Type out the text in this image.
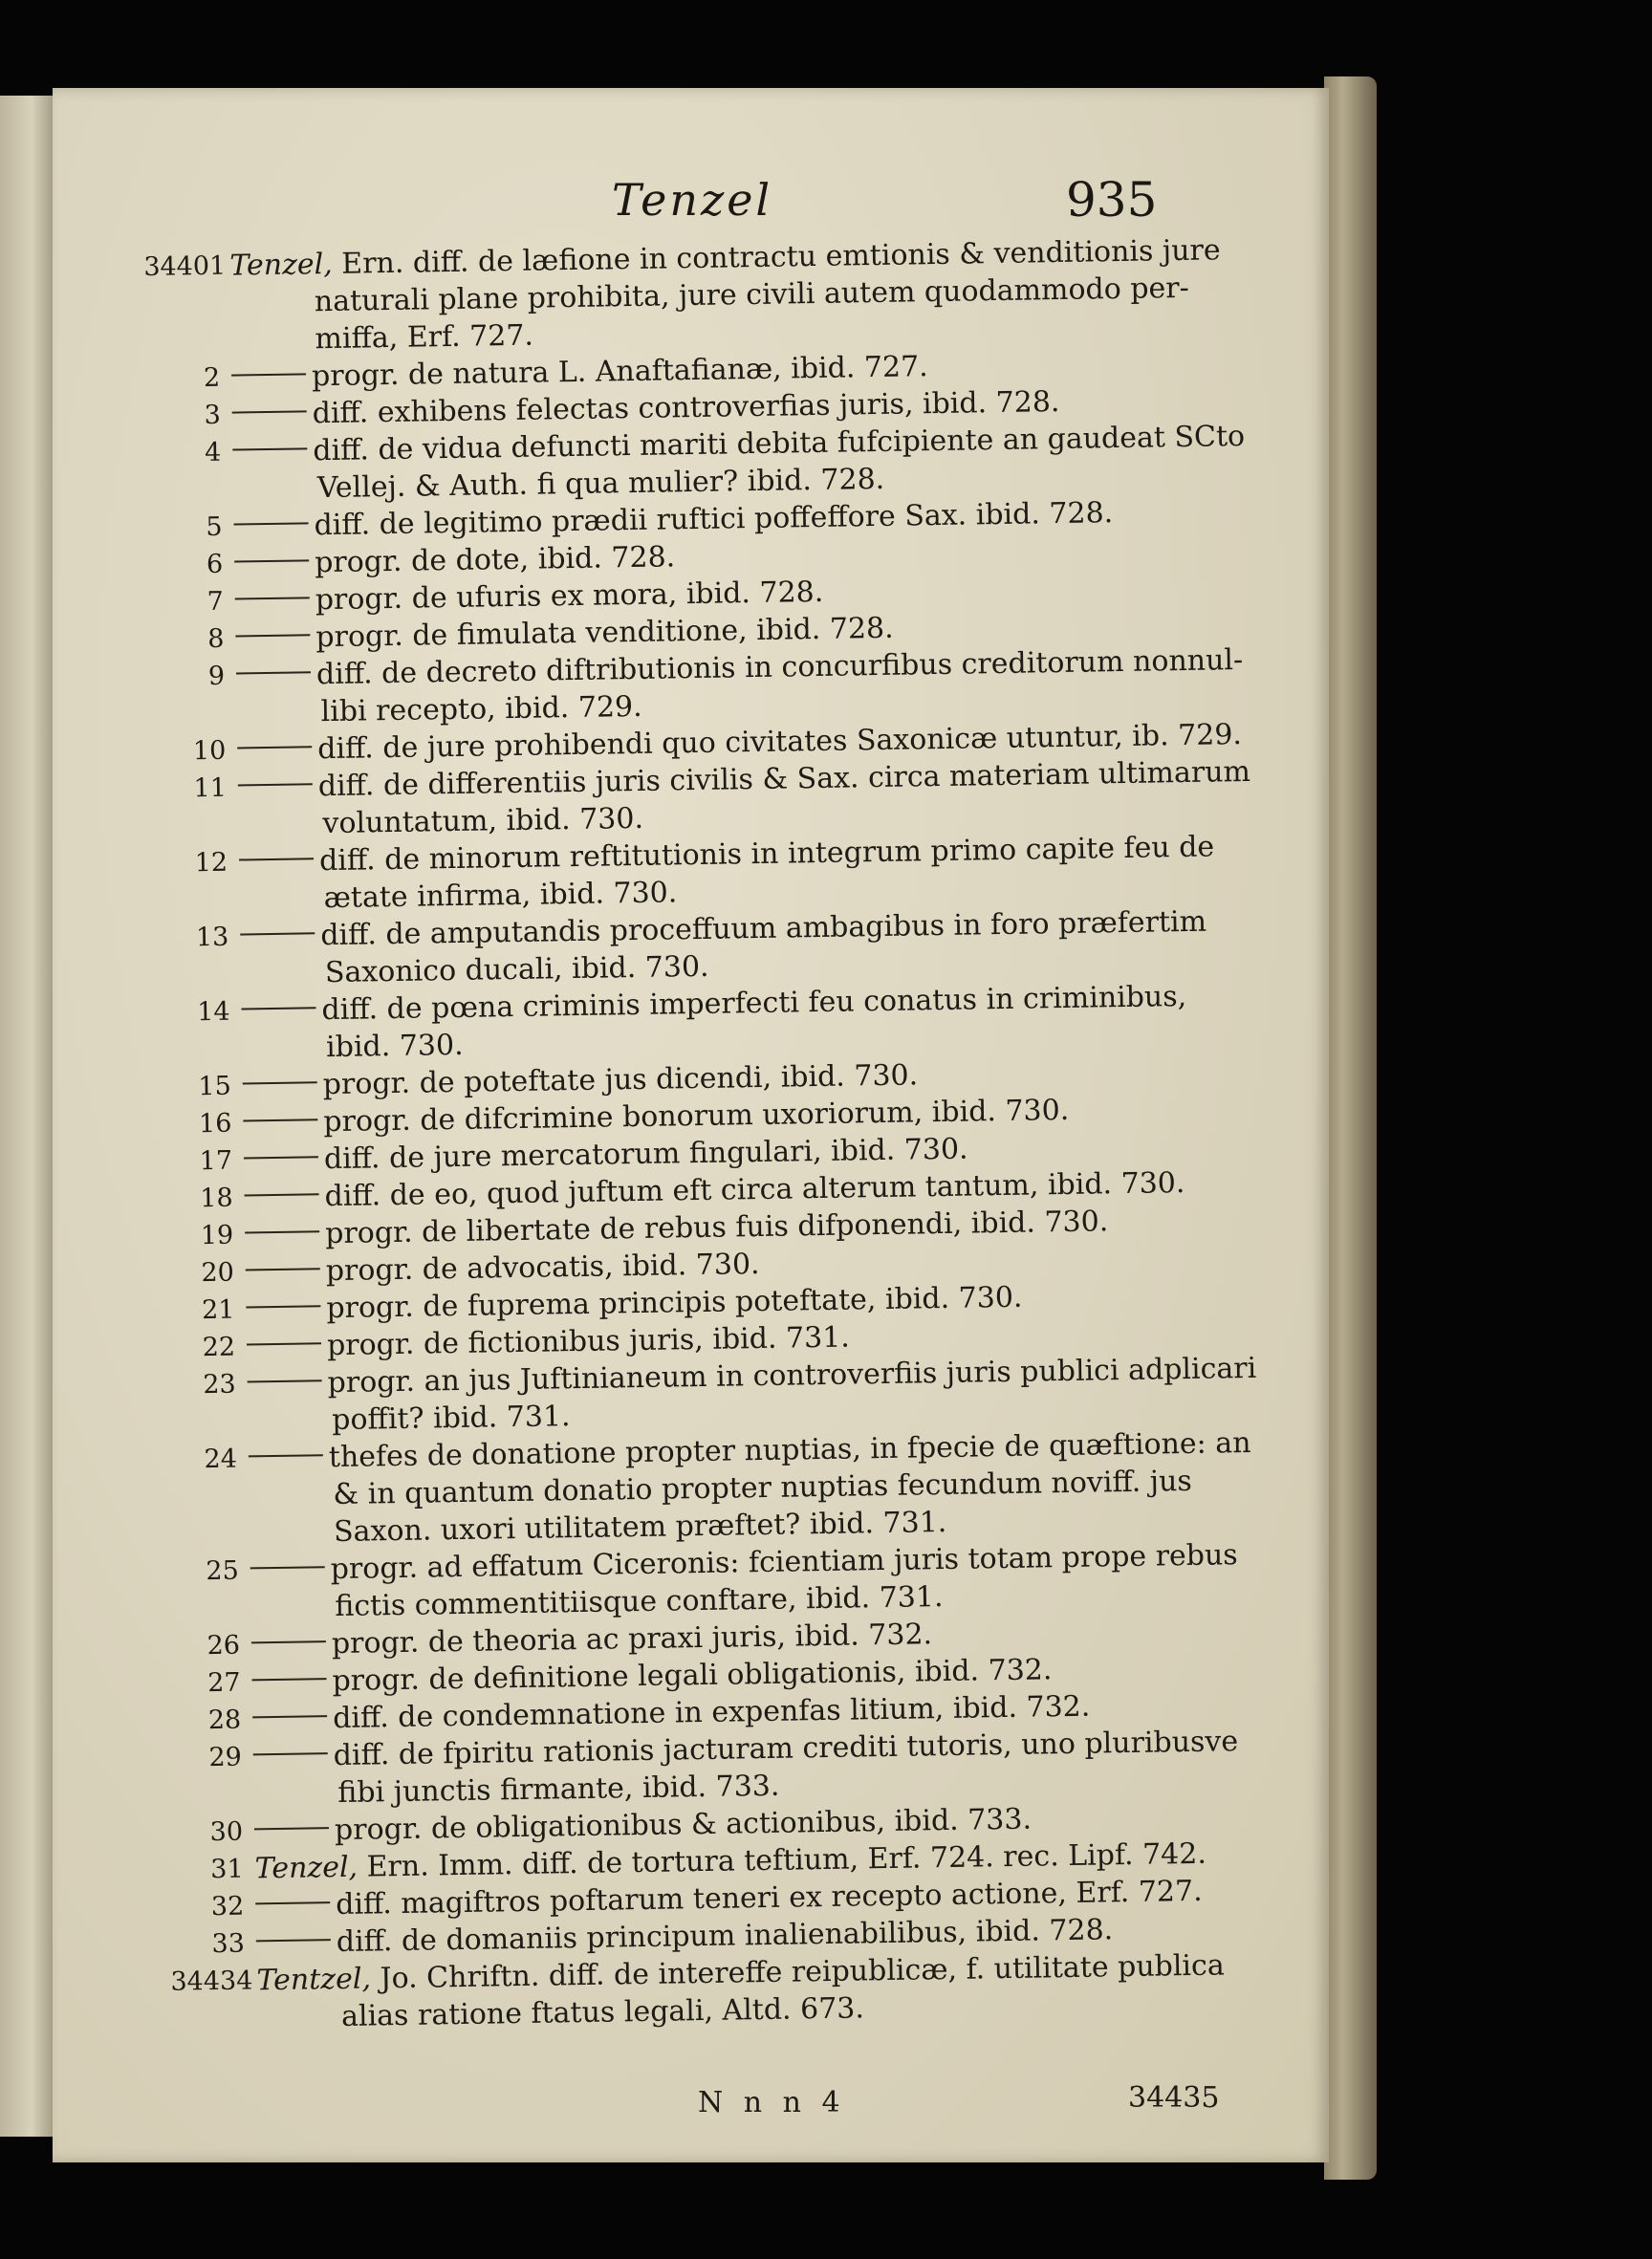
Tenzel	935
34401 Tenzel, Ern. diff. de læfione in contractu emtionis & venditionis jure
naturali plane prohibita, jure civili autem quodammodo per-
miffa, Erf. 727.
2	progr. de natura L. Anaftafianæ, ibid. 727.
3	diff. exhibens felectas controverfias juris, ibid. 728.
4	diff. de vidua defuncti mariti debita fufcipiente an gaudeat SCto
Vellej. & Auth. fi qua mulier? ibid. 728.
5	diff. de legitimo prædii ruftici poffeffore Sax. ibid. 728.
6	progr. de dote, ibid. 728.
7	progr. de ufuris ex mora, ibid. 728.
8	progr. de fimulata venditione, ibid. 728.
9	diff. de decreto diftributionis in concurfibus creditorum nonnul-
libi recepto, ibid. 729.
10	diff. de jure prohibendi quo civitates Saxonicæ utuntur, ib. 729.
11	diff. de differentiis juris civilis & Sax. circa materiam ultimarum
voluntatum, ibid. 730.
12	diff. de minorum reftitutionis in integrum primo capite feu de
ætate infirma, ibid. 730.
13	diff. de amputandis proceffuum ambagibus in foro præfertim
Saxonico ducali, ibid. 730.
14	diff. de pœna criminis imperfecti feu conatus in criminibus,
ibid. 730.
15	progr. de poteftate jus dicendi, ibid. 730.
16	progr. de difcrimine bonorum uxoriorum, ibid. 730.
17	diff. de jure mercatorum fingulari, ibid. 730.
18	diff. de eo, quod juftum eft circa alterum tantum, ibid. 730.
19	progr. de libertate de rebus fuis difponendi, ibid. 730.
20	progr. de advocatis, ibid. 730.
21	progr. de fuprema principis poteftate, ibid. 730.
22	progr. de fictionibus juris, ibid. 731.
23	progr. an jus Juftinianeum in controverfiis juris publici adplicari
poffit? ibid. 731.
24	thefes de donatione propter nuptias, in fpecie de quæftione: an
& in quantum donatio propter nuptias fecundum noviff. jus
Saxon. uxori utilitatem præftet? ibid. 731.
25	progr. ad effatum Ciceronis: fcientiam juris totam prope rebus
fictis commentitiisque conftare, ibid. 731.
26	progr. de theoria ac praxi juris, ibid. 732.
27	progr. de definitione legali obligationis, ibid. 732.
28	diff. de condemnatione in expenfas litium, ibid. 732.
29	diff. de fpiritu rationis jacturam crediti tutoris, uno pluribusve
fibi junctis firmante, ibid. 733.
30	progr. de obligationibus & actionibus, ibid. 733.
31 Tenzel, Ern. Imm. diff. de tortura teftium, Erf. 724. rec. Lipf. 742.
32	diff. magiftros poftarum teneri ex recepto actione, Erf. 727.
33	diff. de domaniis principum inalienabilibus, ibid. 728.
34434 Tentzel, Jo. Chriftn. diff. de intereffe reipublicæ, f. utilitate publica
alias ratione ftatus legali, Altd. 673.
N n n 4	34435
